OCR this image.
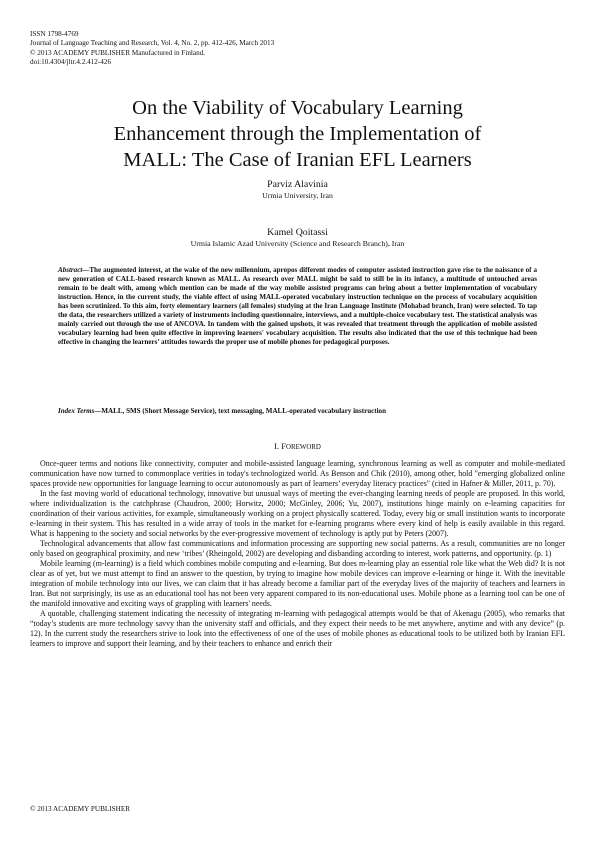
ISSN 1798-4769
Journal of Language Teaching and Research, Vol. 4, No. 2, pp. 412-426, March 2013
© 2013 ACADEMY PUBLISHER Manufactured in Finland.
doi:10.4304/jltr.4.2.412-426
On the Viability of Vocabulary Learning
Enhancement through the Implementation of
MALL: The Case of Iranian EFL Learners
Parviz Alavinia
Urmia University, Iran
Kamel Qoitassi
Urmia Islamic Azad University (Science and Research Branch), Iran

Abstract—The augmented interest, at the wake of the new millennium, apropos different modes of computer assisted instruction gave rise to the naissance of a new generation of CALL-based research known as MALL. As research over MALL might be said to still be in its infancy, a multitude of untouched areas remain to be dealt with, among which mention can be made of the way mobile assisted programs can bring about a better implementation of vocabulary instruction. Hence, in the current study, the viable effect of using MALL-operated vocabulary instruction technique on the process of vocabulary acquisition has been scrutinized. To this aim, forty elementary learners (all females) studying at the Iran Language Institute (Mohabad branch, Iran) were selected. To tap the data, the researchers utilized a variety of instruments including questionnaire, interviews, and a multiple-choice vocabulary test. The statistical analysis was mainly carried out through the use of ANCOVA. In tandem with the gained upshots, it was revealed that treatment through the application of mobile assisted vocabulary learning had been quite effective in improving learners' vocabulary acquisition. The results also indicated that the use of this technique had been effective in changing the learners’ attitudes towards the proper use of mobile phones for pedagogical purposes.

Index Terms—MALL, SMS (Short Message Service), text messaging, MALL-operated vocabulary instruction

I. FOREWORD

Once-queer terms and notions like connectivity, computer and mobile-assisted language learning, synchronous learning as well as computer and mobile-mediated communication have now turned to commonplace verities in today's technologized world. As Benson and Chik (2010), among other, hold "emerging globalized online spaces provide new opportunities for language learning to occur autonomously as part of learners’ everyday literacy practices" (cited in Hafner & Miller, 2011, p. 70).

In the fast moving world of educational technology, innovative but unusual ways of meeting the ever-changing learning needs of people are proposed. In this world, where individualization is the catchphrase (Chaudron, 2000; Horwitz, 2000; McGinley, 2006; Yu, 2007), institutions hinge mainly on e-learning capacities for coordination of their various activities, for example, simultaneously working on a project physically scattered. Today, every big or small institution wants to incorporate e-learning in their system. This has resulted in a wide array of tools in the market for e-learning programs where every kind of help is easily available in this regard. What is happening to the society and social networks by the ever-progressive movement of technology is aptly put by Peters (2007).

Technological advancements that allow fast communications and information processing are supporting new social patterns. As a result, communities are no longer only based on geographical proximity, and new ‘tribes’ (Rheingold, 2002) are developing and disbanding according to interest, work patterns, and opportunity. (p. 1)

Mobile learning (m-learning) is a field which combines mobile computing and e-learning. But does m-learning play an essential role like what the Web did? It is not clear as of yet, but we must attempt to find an answer to the question, by trying to imagine how mobile devices can improve e-learning or hinge it. With the inevitable integration of mobile technology into our lives, we can claim that it has already become a familiar part of the everyday lives of the majority of teachers and learners in Iran. But not surprisingly, its use as an educational tool has not been very apparent compared to its non-educational uses. Mobile phone as a learning tool can be one of the manifold innovative and exciting ways of grappling with learners' needs.

A quotable, challenging statement indicating the necessity of integrating m-learning with pedagogical attempts would be that of Akenagu (2005), who remarks that “today’s students are more technology savvy than the university staff and officials, and they expect their needs to be met anywhere, anytime and with any device” (p. 12). In the current study the researchers strive to look into the effectiveness of one of the uses of mobile phones as educational tools to be utilized both by Iranian EFL learners to improve and support their learning, and by their teachers to enhance and enrich their

© 2013 ACADEMY PUBLISHER
